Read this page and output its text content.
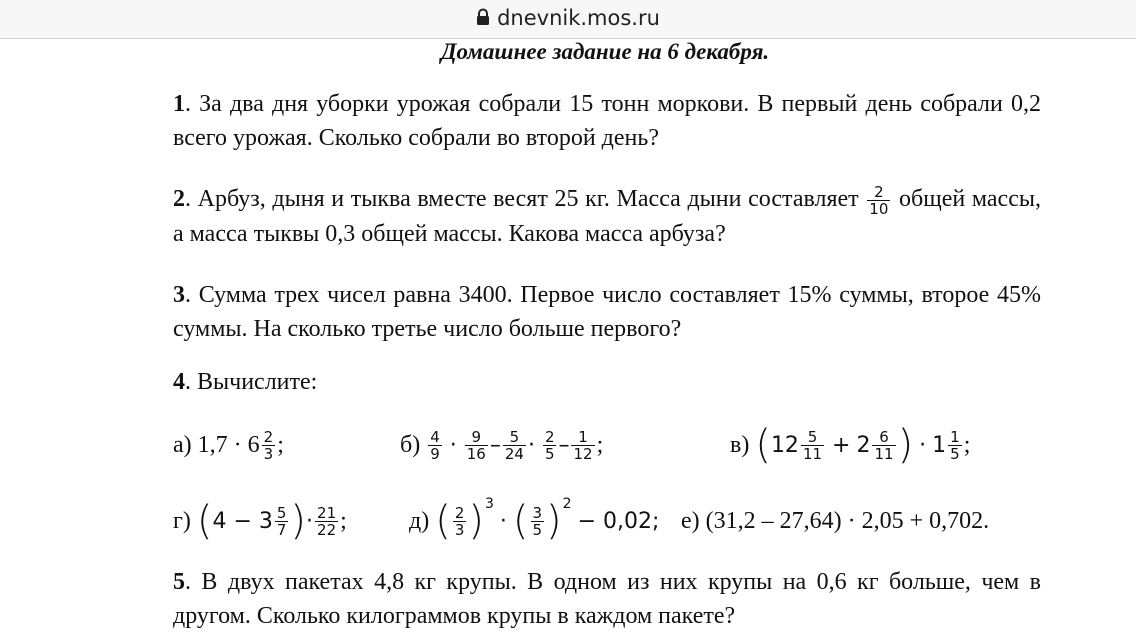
dnevnik.mos.ru
Домашнее задание на 6 декабря.
1. За два дня уборки урожая собрали 15 тонн моркови. В первый день собрали 0,2 всего урожая. Сколько собрали во второй день?
2. Арбуз, дыня и тыква вместе весят 25 кг. Масса дыни составляет $\frac{2}{10}$ общей массы, а масса тыквы 0,3 общей массы. Какова масса арбуза?
3. Сумма трех чисел равна 3400. Первое число составляет 15% суммы, второе 45% суммы. На сколько третье число больше первого?
4. Вычислите:
а)
$1,7 \cdot 6 \frac{2}{3}$ ;	б)
$\frac{4}{9}$
·
$\frac{9}{16} - \frac{5}{24}$ ·
$\frac{2}{5} - \frac{1}{12}$ ;	в)
( $12 \frac{5}{11}$
+
$2 \frac{6}{11}$ )
·
$1 \frac{1}{5}$ ;
г)
( $4 - 3 \frac{5}{7}$ ) · $\frac{21}{22}$ ;	д)
( $\frac{2}{3}$ ) 3

·
( $\frac{3}{5}$ ) 2

− 0,02; е)
(31,2 – 27,64) · 2,05 + 0,702.
5. В двух пакетах 4,8 кг крупы. В одном из них крупы на 0,6 кг больше, чем в другом. Сколько килограммов крупы в каждом пакете?
